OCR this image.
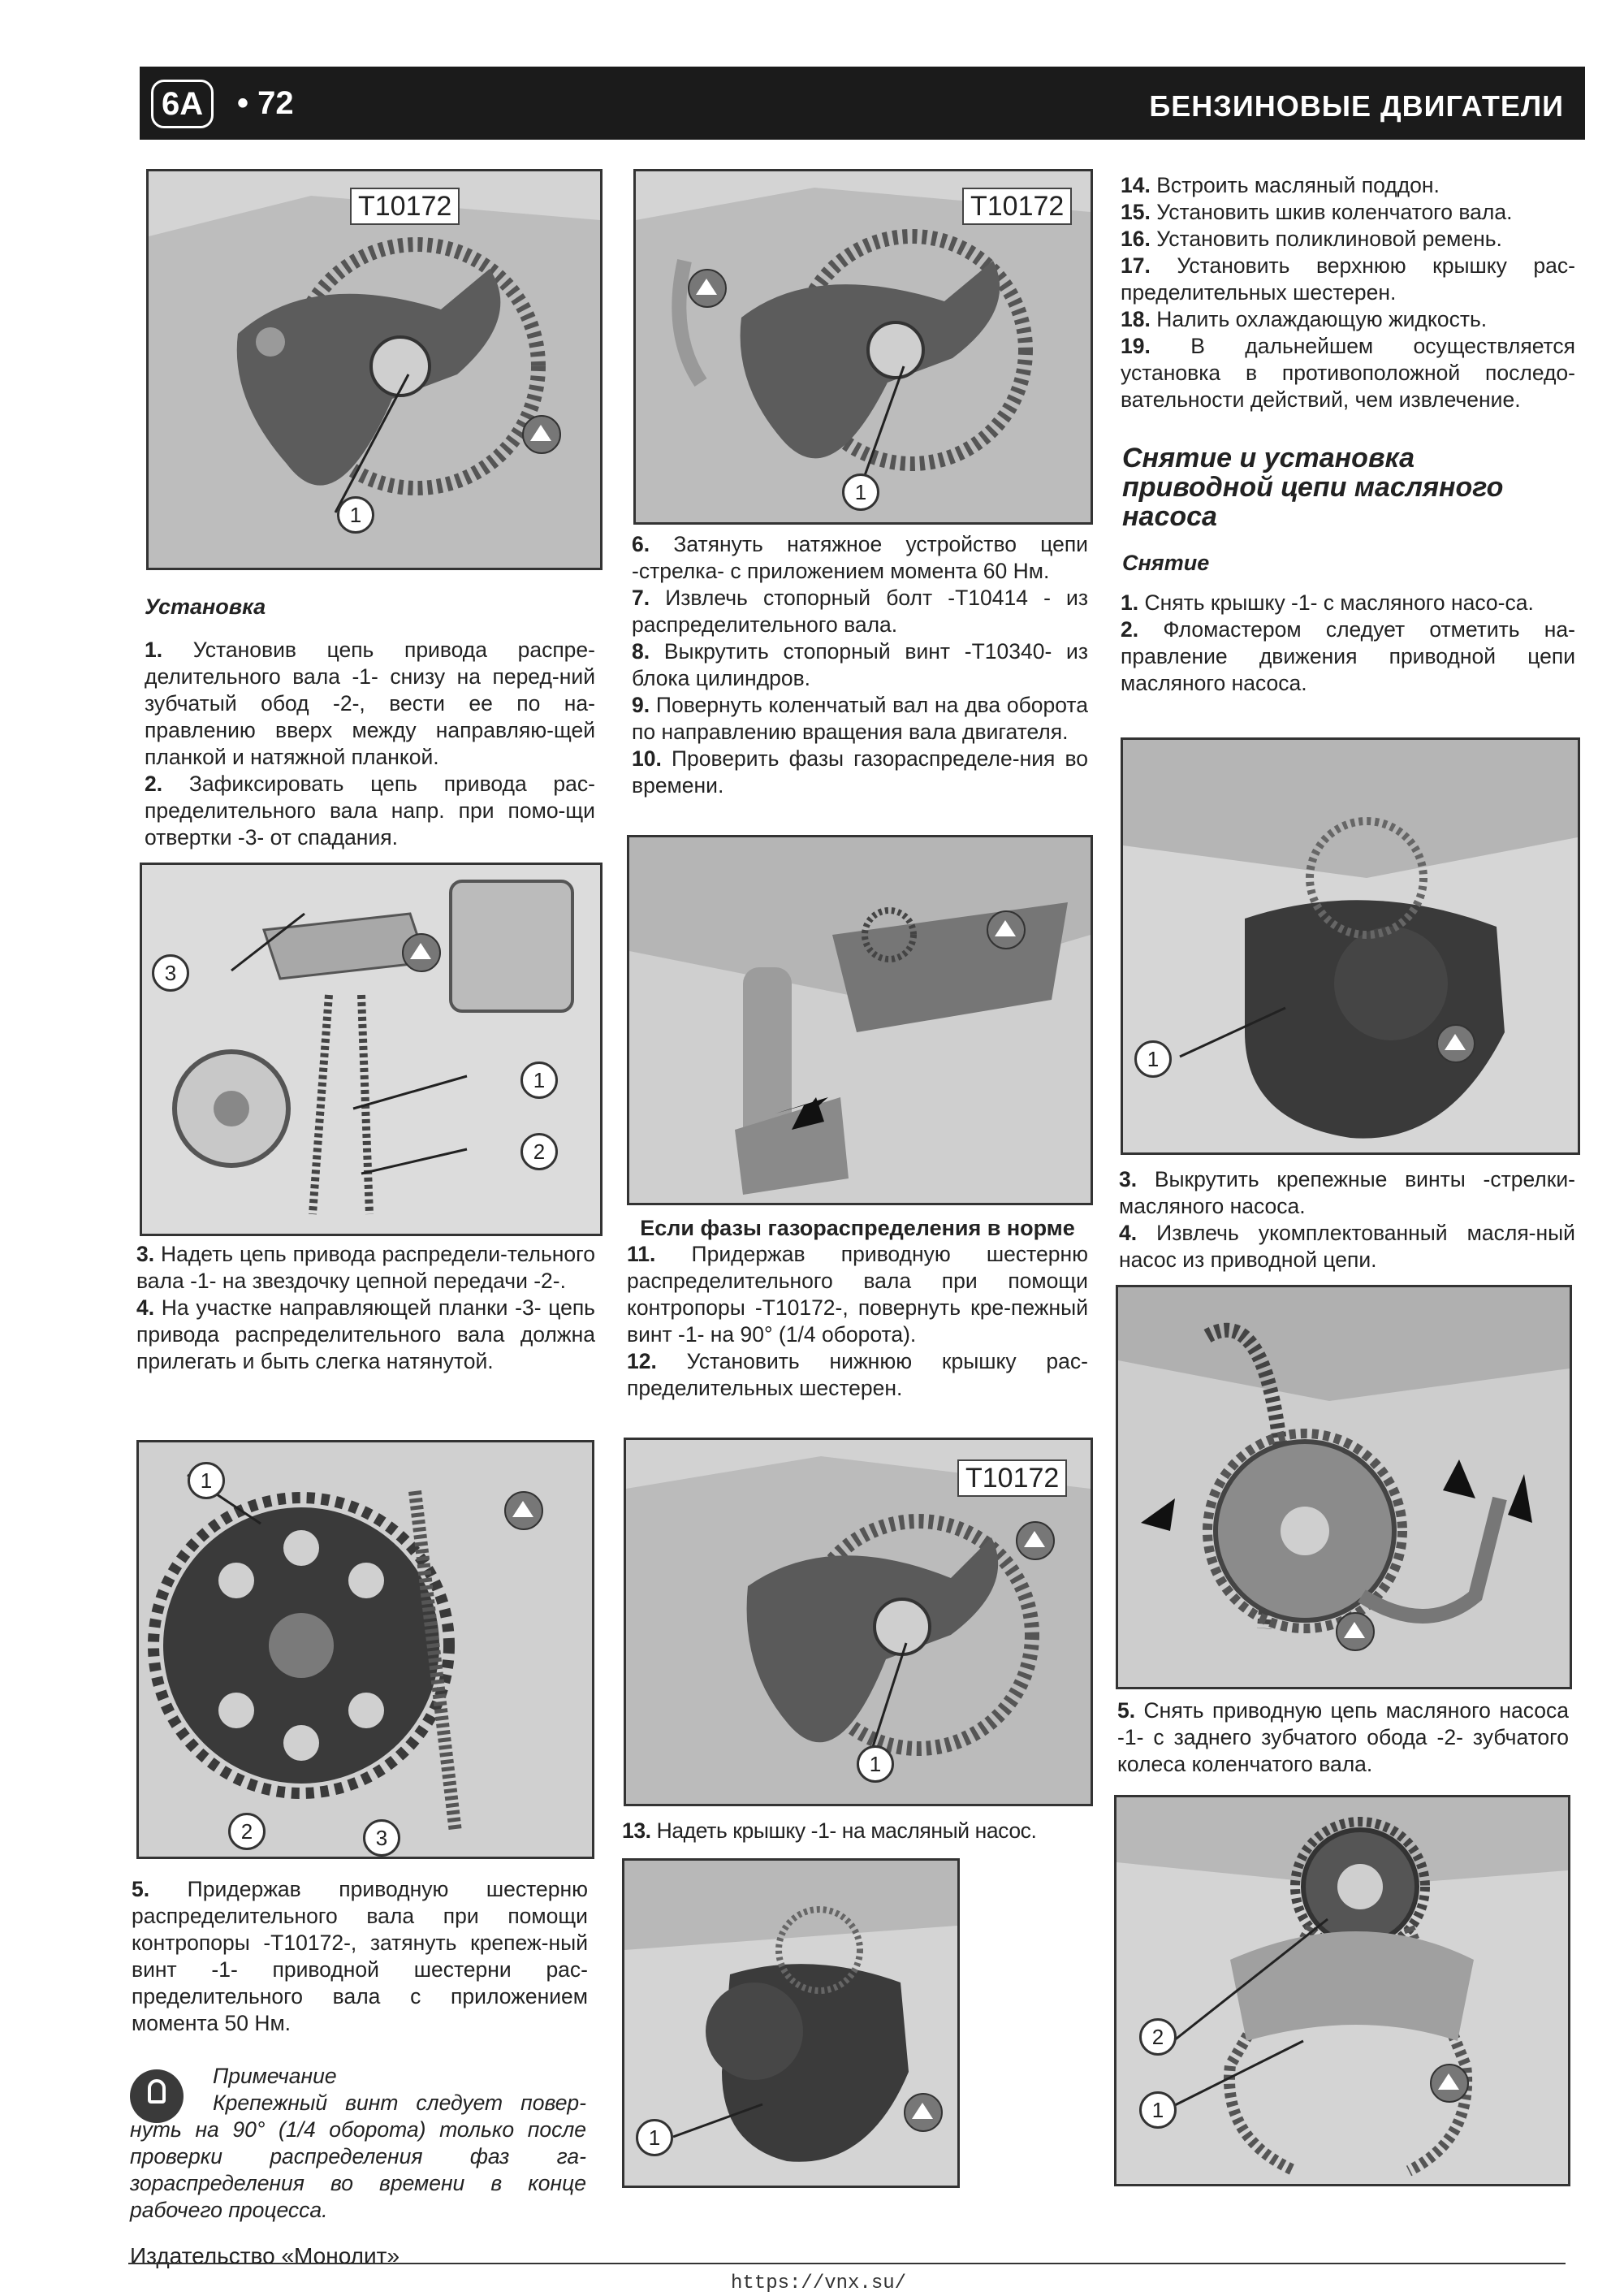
6A	• 72	БЕНЗИНОВЫЕ ДВИГАТЕЛИ
T10172
1
Установка

1. Установив цепь привода распре-делительного вала -1- снизу на перед-ний зубчатый обод -2-, вести ее по на-правлению вверх между направляю-щей планкой и натяжной планкой.

2. Зафиксировать цепь привода рас-пределительного вала напр. при помо-щи отвертки -3- от спадания.

3
1
2

3. Надеть цепь привода распредели-тельного вала -1- на звездочку цепной передачи -2-.

4. На участке направляющей планки -3- цепь привода распределительного вала должна прилегать и быть слегка натянутой.

1
2	3

5. Придержав приводную шестерню распределительного вала при помощи контропоры -T10172-, затянуть крепеж-ный винт -1- приводной шестерни рас-пределительного вала с приложением момента 50 Нм.

Примечание

Крепежный винт следует повер-нуть на 90° (1/4 оборота) только после проверки распределения фаз га-зораспределения во времени в конце рабочего процесса.

T10172
1

6. Затянуть натяжное устройство цепи -стрелка- с приложением момента 60 Нм.

7. Извлечь стопорный болт -T10414 - из распределительного вала.

8. Выкрутить стопорный винт -T10340- из блока цилиндров.

9. Повернуть коленчатый вал на два оборота по направлению вращения вала двигателя.

10. Проверить фазы газораспределе-ния во времени.

Если фазы газораспределения в норме

11. Придержав приводную шестерню распределительного вала при помощи контропоры -T10172-, повернуть кре-пежный винт -1- на 90° (1/4 оборота).

12. Установить нижнюю крышку рас-пределительных шестерен.

T10172
1

13. Надеть крышку -1- на масляный насос.

1

14. Встроить масляный поддон.

15. Установить шкив коленчатого вала.

16. Установить поликлиновой ремень.

17. Установить верхнюю крышку рас-пределительных шестерен.

18. Налить охлаждающую жидкость.

19. В дальнейшем осуществляется установка в противоположной последо-вательности действий, чем извлечение.

Снятие и установка приводной цепи масляного насоса

Снятие

1. Снять крышку -1- с масляного насо-са.

2. Фломастером следует отметить на-правление движения приводной цепи масляного насоса.

1

3. Выкрутить крепежные винты -стрелки- масляного насоса.

4. Извлечь укомплектованный масля-ный насос из приводной цепи.

5. Снять приводную цепь масляного насоса -1- с заднего зубчатого обода -2- зубчатого колеса коленчатого вала.

2
1
Издательство «Монолит»
https://vnx.su/
